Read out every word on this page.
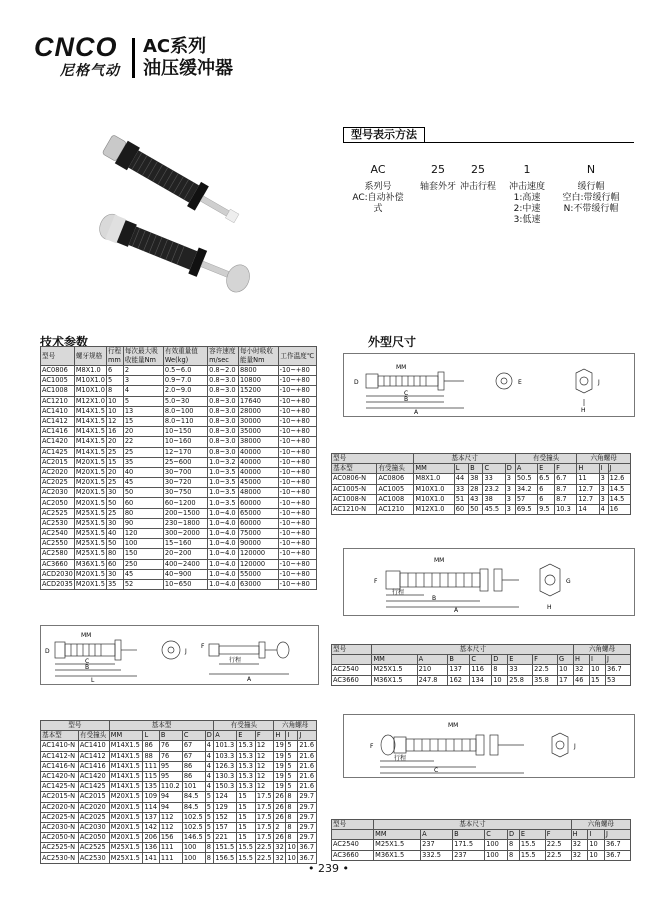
CNCO
尼格气动
AC系列
油压缓冲器
型号表示方法
AC
系列号
AC:自动补偿式
25
轴套外牙
25
冲击行程
1
冲击速度
1:高速
2:中速
3:低速
N
缓行帽
空白:带缓行帽
N:不带缓行帽
技术参数	外型尺寸
型号	螺牙规格	行程mm	每次最大吸收能量Nm	有效重量值We(kg)	容许速度m/sec	每小时吸收能量Nm	工作温度℃
AC0806	M8X1.0	6	2	0.5~6.0	0.8~2.0	8800	-10~+80
AC1005	M10X1.0	5	3	0.9~7.0	0.8~3.0	10800	-10~+80
AC1008	M10X1.0	8	4	2.0~9.0	0.8~3.0	15200	-10~+80
AC1210	M12X1.0	10	5	5.0~30	0.8~3.0	17640	-10~+80
AC1410	M14X1.5	10	13	8.0~100	0.8~3.0	28000	-10~+80
AC1412	M14X1.5	12	15	8.0~110	0.8~3.0	30000	-10~+80
AC1416	M14X1.5	16	20	10~150	0.8~3.0	35000	-10~+80
AC1420	M14X1.5	20	22	10~160	0.8~3.0	38000	-10~+80
AC1425	M14X1.5	25	25	12~170	0.8~3.0	40000	-10~+80
AC2015	M20X1.5	15	35	25~600	1.0~3.2	40000	-10~+80
AC2020	M20X1.5	20	40	30~700	1.0~3.5	40000	-10~+80
AC2025	M20X1.5	25	45	30~720	1.0~3.5	45000	-10~+80
AC2030	M20X1.5	30	50	30~750	1.0~3.5	48000	-10~+80
AC2050	M20X1.5	50	60	60~1200	1.0~3.5	60000	-10~+80
AC2525	M25X1.5	25	80	200~1500	1.0~4.0	65000	-10~+80
AC2530	M25X1.5	30	90	230~1800	1.0~4.0	60000	-10~+80
AC2540	M25X1.5	40	120	300~2000	1.0~4.0	75000	-10~+80
AC2550	M25X1.5	50	100	15~160	1.0~4.0	90000	-10~+80
AC2580	M25X1.5	80	150	20~200	1.0~4.0	120000	-10~+80
AC3660	M36X1.5	60	250	400~2400	1.0~4.0	120000	-10~+80
ACD2030	M20X1.5	30	45	40~900	1.0~4.0	55000	-10~+80
ACD2035	M20X1.5	35	52	10~650	1.0~4.0	63000	-10~+80
MM
D
C
B
A
E	J
H
型号		基本尺寸					有受撞头			六角螺母		
基本型	有受撞头	MM	L	B	C	D	A	E	F	H	I	J
AC0806-N	AC0806	M8X1.0	44	38	33	3	50.5	6.5	6.7	11	3	12.6
AC1005-N	AC1005	M10X1.0	33	28	23.2	3	34.2	6	8.7	12.7	3	14.5
AC1008-N	AC1008	M10X1.0	51	43	38	3	57	6	8.7	12.7	3	14.5
AC1210-N	AC1210	M12X1.0	60	50	45.5	3	69.5	9.5	10.3	14	4	16
MM
F
行程
B
A
G
H
型号	基本尺寸								六角螺母		
	MM	A	B	C	D	E	F	G	H	I	J
AC2540	M25X1.5	210	137	116	8	33	22.5	10	32	10	36.7
AC3660	M36X1.5	247.8	162	134	10	25.8	35.8	17	46	15	53
MM
D
C
B
L
J
F
行程
A
型号		基本型					有受撞头			六角螺母		
基本型	有受撞头	MM	L	B	C	D	A	E	F	H	I	J
AC1410-N	AC1410	M14X1.5	86	76	67	4	101.3	15.3	12	19	5	21.6
AC1412-N	AC1412	M14X1.5	88	76	67	4	103.3	15.3	12	19	5	21.6
AC1416-N	AC1416	M14X1.5	111	95	86	4	126.3	15.3	12	19	5	21.6
AC1420-N	AC1420	M14X1.5	115	95	86	4	130.3	15.3	12	19	5	21.6
AC1425-N	AC1425	M14X1.5	135	110.2	101	4	150.3	15.3	12	19	5	21.6
AC2015-N	AC2015	M20X1.5	109	94	84.5	5	124	15	17.5	26	8	29.7
AC2020-N	AC2020	M20X1.5	114	94	84.5	5	129	15	17.5	26	8	29.7
AC2025-N	AC2025	M20X1.5	137	112	102.5	5	152	15	17.5	26	8	29.7
AC2030-N	AC2030	M20X1.5	142	112	102.5	5	157	15	17.5	2	8	29.7
AC2050-N	AC2050	M20X1.5	206	156	146.5	5	221	15	17.5	26	8	29.7
AC2525-N	AC2525	M25X1.5	136	111	100	8	151.5	15.5	22.5	32	10	36.7
AC2530-N	AC2530	M25X1.5	141	111	100	8	156.5	15.5	22.5	32	10	36.7
MM
F
行程
C
J
型号	基本尺寸							六角螺母		
	MM	A	B	C	D	E	F	H	I	J
AC2540	M25X1.5	237	171.5	100	8	15.5	22.5	32	10	36.7
AC3660	M36X1.5	332.5	237	100	8	15.5	22.5	32	10	36.7
• 239 •
